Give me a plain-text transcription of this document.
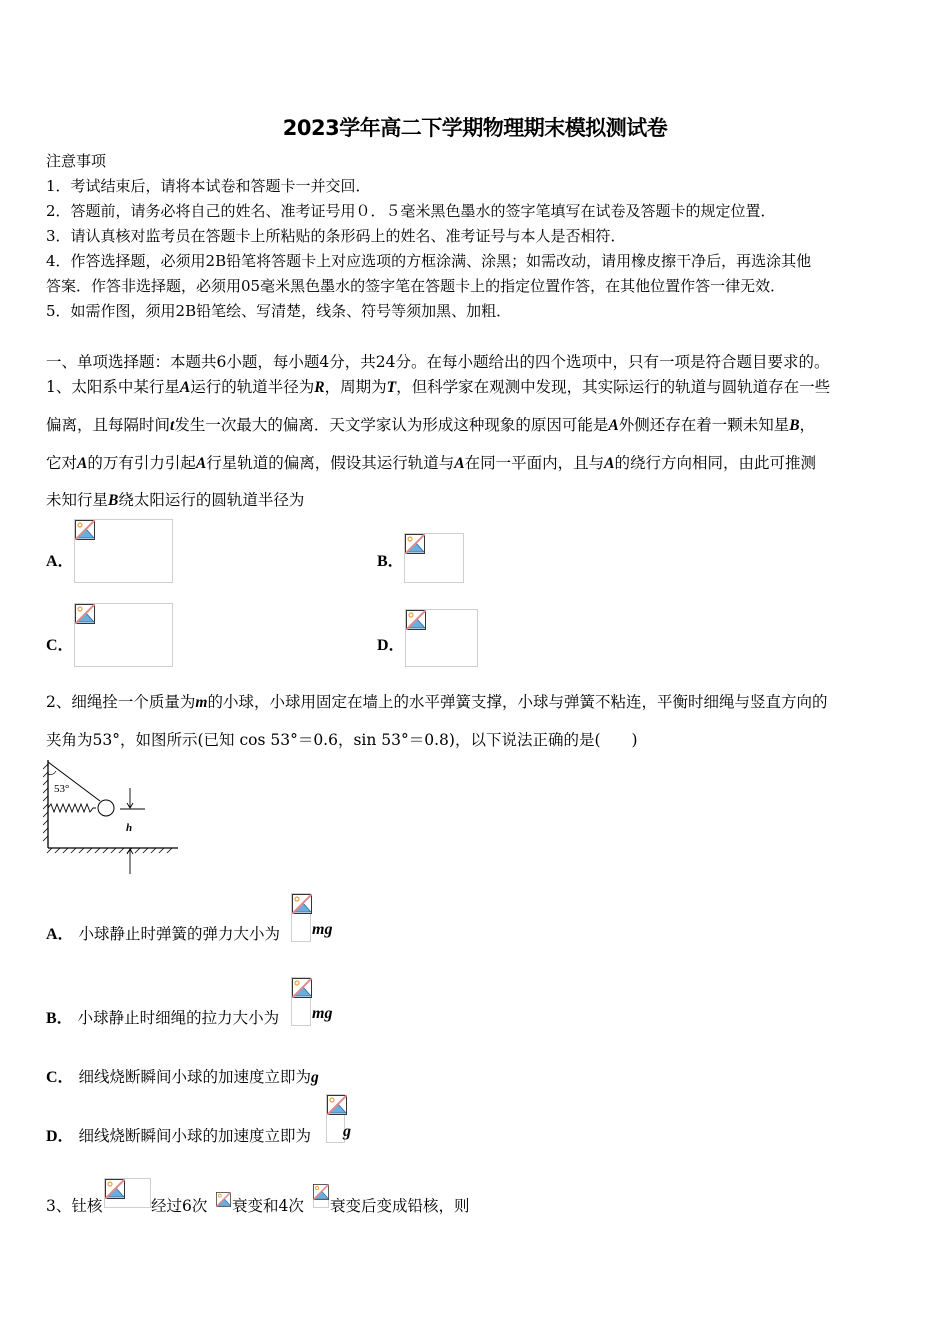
2023学年高二下学期物理期末模拟测试卷
注意事项
1．考试结束后，请将本试卷和答题卡一并交回．
2．答题前，请务必将自己的姓名、准考证号用０．５毫米黑色墨水的签字笔填写在试卷及答题卡的规定位置．
3．请认真核对监考员在答题卡上所粘贴的条形码上的姓名、准考证号与本人是否相符．
4．作答选择题，必须用2B铅笔将答题卡上对应选项的方框涂满、涂黑；如需改动，请用橡皮擦干净后，再选涂其他
答案．作答非选择题，必须用05毫米黑色墨水的签字笔在答题卡上的指定位置作答，在其他位置作答一律无效．
5．如需作图，须用2B铅笔绘、写清楚，线条、符号等须加黑、加粗．
一、单项选择题：本题共6小题，每小题4分，共24分。在每小题给出的四个选项中，只有一项是符合题目要求的。
1、太阳系中某行星A运行的轨道半径为R，周期为T，但科学家在观测中发现，其实际运行的轨道与圆轨道存在一些
偏离，且每隔时间t发生一次最大的偏离．天文学家认为形成这种现象的原因可能是A外侧还存在着一颗未知星B，
它对A的万有引力引起A行星轨道的偏离，假设其运行轨道与A在同一平面内，且与A的绕行方向相同，由此可推测
未知行星B绕太阳运行的圆轨道半径为
A．	B．
C．	D．
2、细绳拴一个质量为m的小球，小球用固定在墙上的水平弹簧支撑，小球与弹簧不粘连，平衡时细绳与竖直方向的
夹角为53°，如图所示(已知 cos 53°＝0.6，sin 53°＝0.8)，以下说法正确的是(　　)
53°
h
A． 小球静止时弹簧的弹力大小为 mg
B． 小球静止时细绳的拉力大小为 mg
C． 细线烧断瞬间小球的加速度立即为g
D． 细线烧断瞬间小球的加速度立即为 g
3、钍核	经过6次 衰变和4次 衰变后变成铅核，则
